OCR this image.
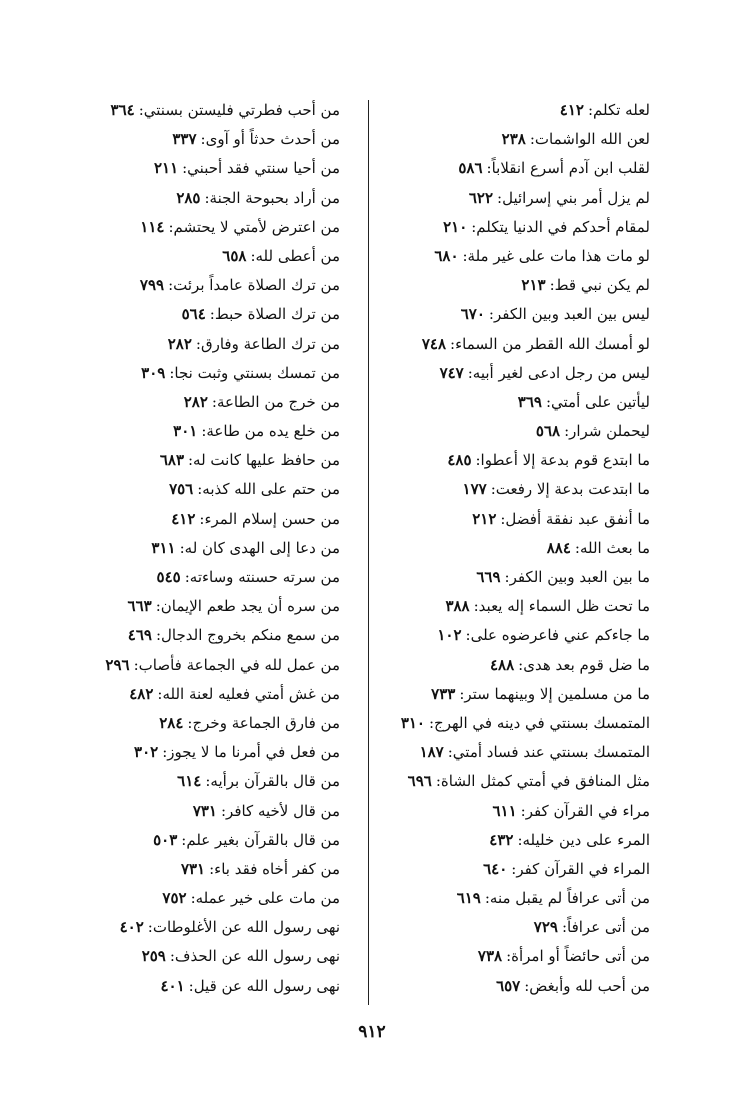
لعله تكلم:٤١٢
لعن الله الواشمات:٢٣٨
لقلب ابن آدم أسرع انقلاباً:٥٨٦
لم يزل أمر بني إسرائيل:٦٢٢
لمقام أحدكم في الدنيا يتكلم:٢١٠
لو مات هذا مات على غير ملة:٦٨٠
لم يكن نبي قط:٢١٣
ليس بين العبد وبين الكفر:٦٧٠
لو أمسك الله القطر من السماء:٧٤٨
ليس من رجل ادعى لغير أبيه:٧٤٧
ليأتين على أمتي:٣٦٩
ليحملن شرار:٥٦٨
ما ابتدع قوم بدعة إلا أعطوا:٤٨٥
ما ابتدعت بدعة إلا رفعت:١٧٧
ما أنفق عبد نفقة أفضل:٢١٢
ما بعث الله:٨٨٤
ما بين العبد وبين الكفر:٦٦٩
ما تحت ظل السماء إله يعبد:٣٨٨
ما جاءكم عني فاعرضوه على:١٠٢
ما ضل قوم بعد هدى:٤٨٨
ما من مسلمين إلا وبينهما ستر:٧٣٣
المتمسك بسنتي في دينه في الهرج:٣١٠
المتمسك بسنتي عند فساد أمتي:١٨٧
مثل المنافق في أمتي كمثل الشاة:٦٩٦
مراء في القرآن كفر:٦١١
المرء على دين خليله:٤٣٢
المراء في القرآن كفر:٦٤٠
من أتى عرافاً لم يقبل منه:٦١٩
من أتى عرافاً:٧٢٩
من أتى حائضاً أو امرأة:٧٣٨
من أحب لله وأبغض:٦٥٧
من أحب فطرتي فليستن بسنتي:٣٦٤
من أحدث حدثاً أو آوى:٣٣٧
من أحيا سنتي فقد أحبني:٢١١
من أراد بحبوحة الجنة:٢٨٥
من اعترض لأمتي لا يحتشم:١١٤
من أعطى لله:٦٥٨
من ترك الصلاة عامداً برئت:٧٩٩
من ترك الصلاة حبط:٥٦٤
من ترك الطاعة وفارق:٢٨٢
من تمسك بسنتي وثبت نجا:٣٠٩
من خرج من الطاعة:٢٨٢
من خلع يده من طاعة:٣٠١
من حافظ عليها كانت له:٦٨٣
من حتم على الله كذبه:٧٥٦
من حسن إسلام المرء:٤١٢
من دعا إلى الهدى كان له:٣١١
من سرته حسنته وساءته:٥٤٥
من سره أن يجد طعم الإيمان:٦٦٣
من سمع منكم بخروج الدجال:٤٦٩
من عمل لله في الجماعة فأصاب:٢٩٦
من غش أمتي فعليه لعنة الله:٤٨٢
من فارق الجماعة وخرج:٢٨٤
من فعل في أمرنا ما لا يجوز:٣٠٢
من قال بالقرآن برأيه:٦١٤
من قال لأخيه كافر:٧٣١
من قال بالقرآن بغير علم:٥٠٣
من كفر أخاه فقد باء:٧٣١
من مات على خير عمله:٧٥٢
نهى رسول الله عن الأغلوطات:٤٠٢
نهى رسول الله عن الحذف:٢٥٩
نهى رسول الله عن قيل:٤٠١
٩١٢
